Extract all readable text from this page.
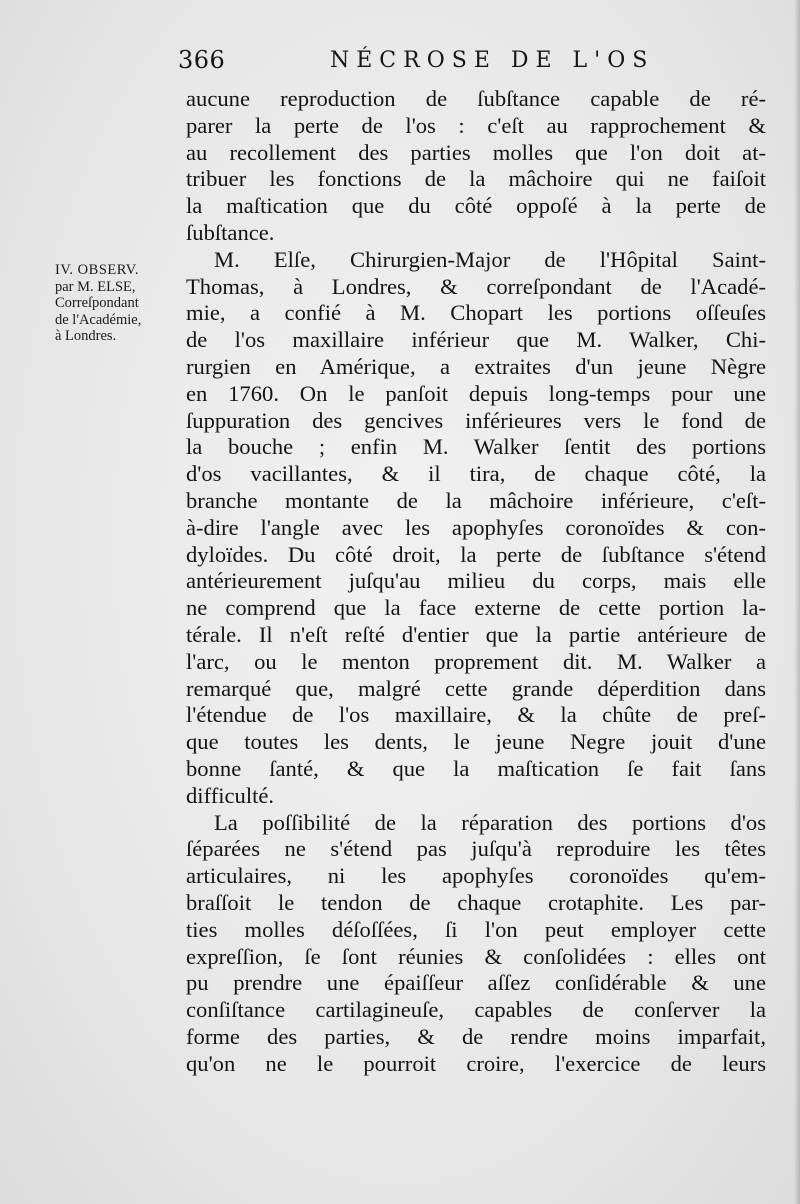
366	NÉCROSE DE L'OS
IV. OBSERV.
par M. ELSE,
Correſpondant
de l'Académie,
à Londres.
aucune reproduction de ſubſtance capable de ré-
parer la perte de l'os : c'eſt au rapprochement &
au recollement des parties molles que l'on doit at-
tribuer les fonctions de la mâchoire qui ne faiſoit
la maſtication que du côté oppoſé à la perte de
ſubſtance.
M. Elſe, Chirurgien-Major de l'Hôpital Saint-
Thomas, à Londres, & correſpondant de l'Acadé-
mie, a confié à M. Chopart les portions oſſeuſes
de l'os maxillaire inférieur que M. Walker, Chi-
rurgien en Amérique, a extraites d'un jeune Nègre
en 1760. On le panſoit depuis long-temps pour une
ſuppuration des gencives inférieures vers le fond de
la bouche ; enfin M. Walker ſentit des portions
d'os vacillantes, & il tira, de chaque côté, la
branche montante de la mâchoire inférieure, c'eſt-
à-dire l'angle avec les apophyſes coronoïdes & con-
dyloïdes. Du côté droit, la perte de ſubſtance s'étend
antérieurement juſqu'au milieu du corps, mais elle
ne comprend que la face externe de cette portion la-
térale. Il n'eſt reſté d'entier que la partie antérieure de
l'arc, ou le menton proprement dit. M. Walker a
remarqué que, malgré cette grande déperdition dans
l'étendue de l'os maxillaire, & la chûte de preſ-
que toutes les dents, le jeune Negre jouit d'une
bonne ſanté, & que la maſtication ſe fait ſans
difficulté.
La poſſibilité de la réparation des portions d'os
ſéparées ne s'étend pas juſqu'à reproduire les têtes
articulaires, ni les apophyſes coronoïdes qu'em-
braſſoit le tendon de chaque crotaphite. Les par-
ties molles déſoſſées, ſi l'on peut employer cette
expreſſion, ſe ſont réunies & conſolidées : elles ont
pu prendre une épaiſſeur aſſez conſidérable & une
conſiſtance cartilagineuſe, capables de conſerver la
forme des parties, & de rendre moins imparfait,
qu'on ne le pourroit croire, l'exercice de leurs
